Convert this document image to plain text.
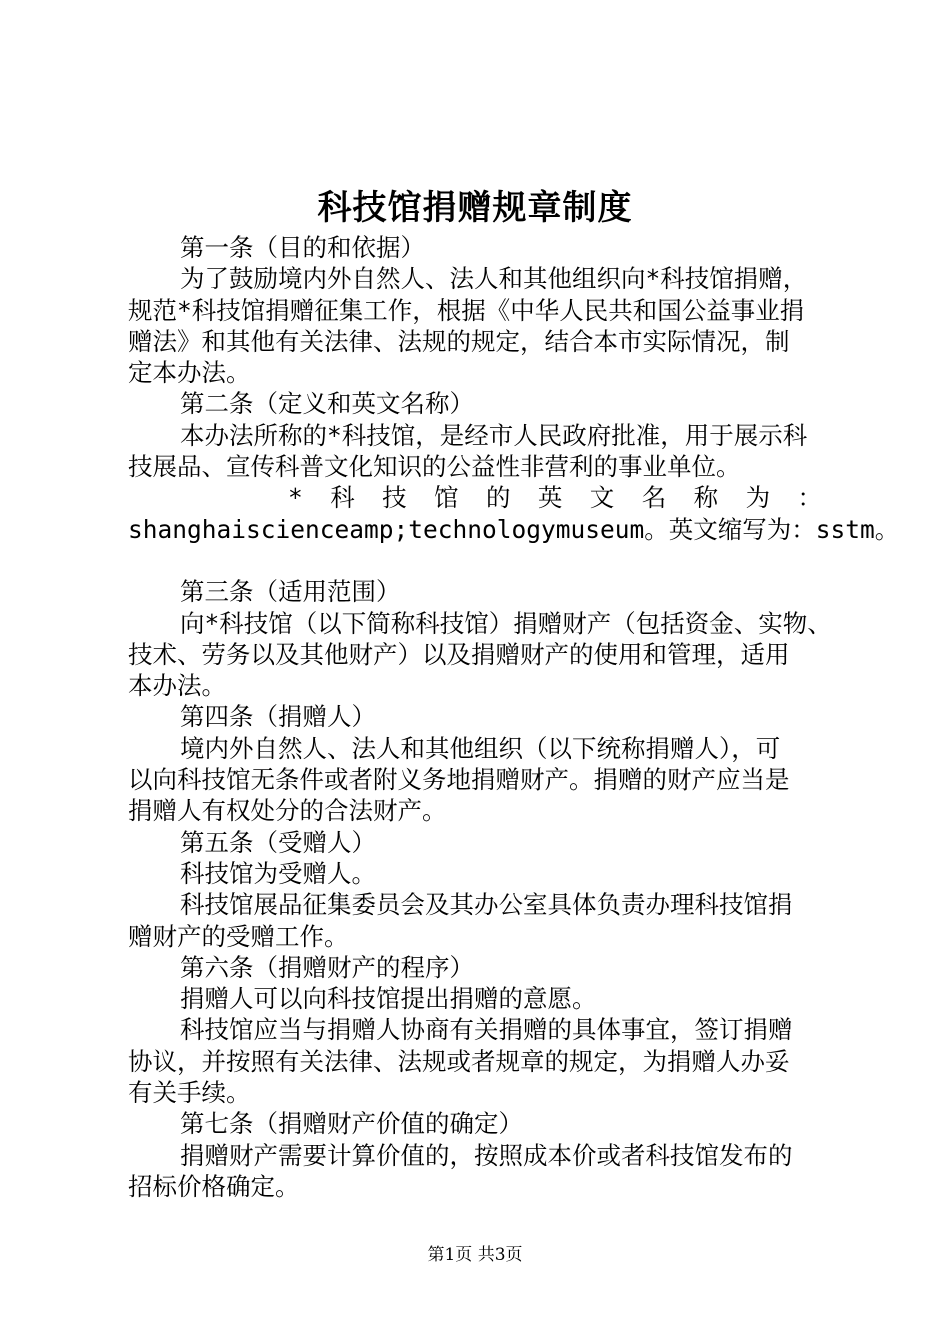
科技馆捐赠规章制度
第一条（目的和依据）
为了鼓励境内外自然人、法人和其他组织向*科技馆捐赠，
规范*科技馆捐赠征集工作，根据《中华人民共和国公益事业捐
赠法》和其他有关法律、法规的规定，结合本市实际情况，制
定本办法。
第二条（定义和英文名称）
本办法所称的*科技馆，是经市人民政府批准，用于展示科
技展品、宣传科普文化知识的公益性非营利的事业单位。
* 科 技 馆 的 英 文 名 称 为 ：
shanghaiscienceamp;technologymuseum。英文缩写为：sstm。
第三条（适用范围）
向*科技馆（以下简称科技馆）捐赠财产（包括资金、实物、
技术、劳务以及其他财产）以及捐赠财产的使用和管理，适用
本办法。
第四条（捐赠人）
境内外自然人、法人和其他组织（以下统称捐赠人），可
以向科技馆无条件或者附义务地捐赠财产。捐赠的财产应当是
捐赠人有权处分的合法财产。
第五条（受赠人）
科技馆为受赠人。
科技馆展品征集委员会及其办公室具体负责办理科技馆捐
赠财产的受赠工作。
第六条（捐赠财产的程序）
捐赠人可以向科技馆提出捐赠的意愿。
科技馆应当与捐赠人协商有关捐赠的具体事宜，签订捐赠
协议，并按照有关法律、法规或者规章的规定，为捐赠人办妥
有关手续。
第七条（捐赠财产价值的确定）
捐赠财产需要计算价值的，按照成本价或者科技馆发布的
招标价格确定。
第1页 共3页
